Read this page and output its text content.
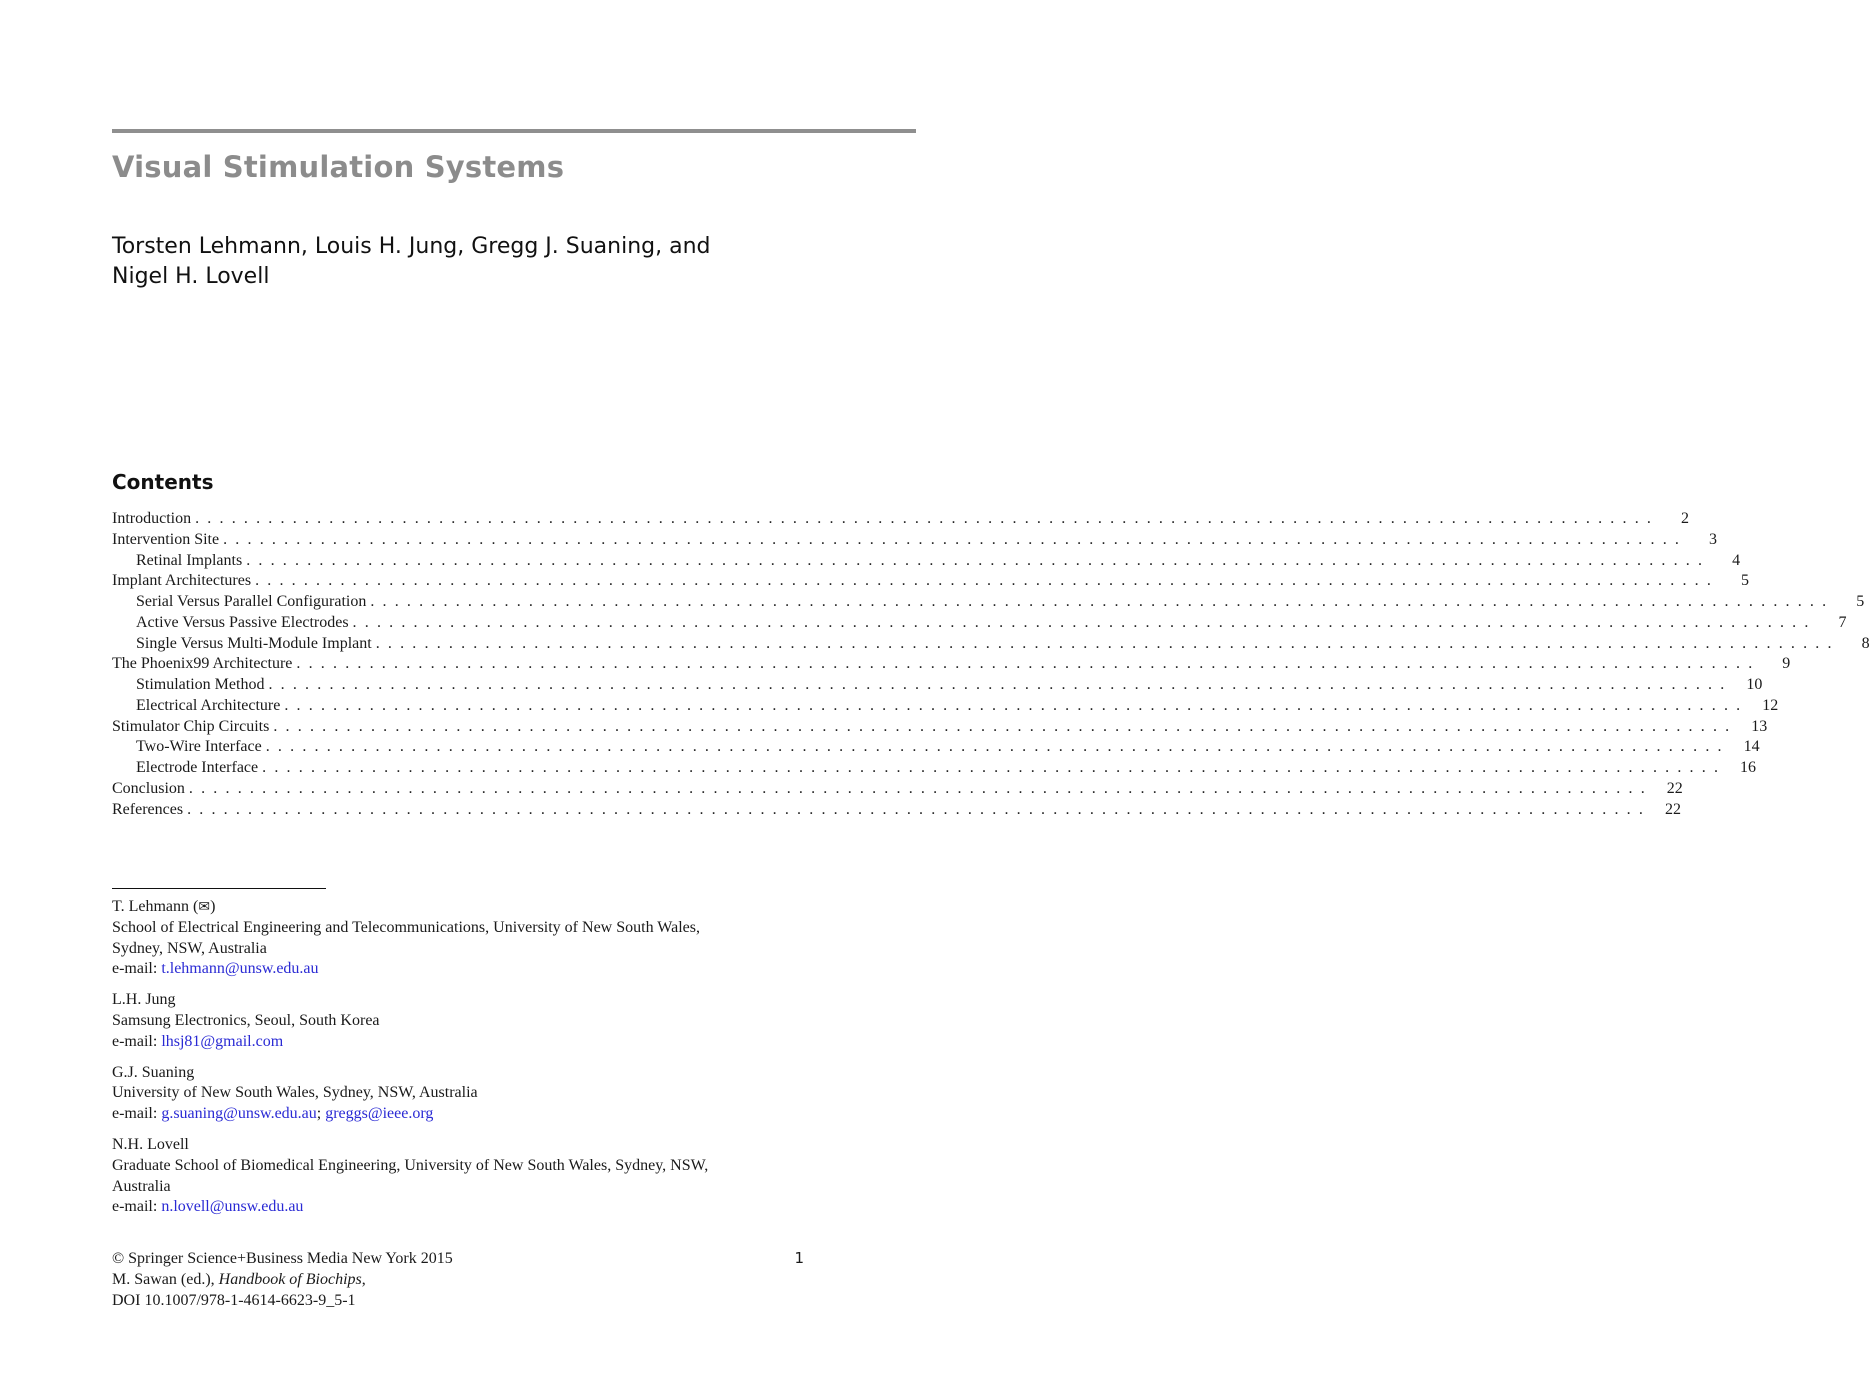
Visual Stimulation Systems
Torsten Lehmann, Louis H. Jung, Gregg J. Suaning, and
Nigel H. Lovell
Contents
Introduction . . . . . . . . . . . . . . . . . . . . . . . . . . . . . . . . . . . . . . . . . . . . . . . . . . . . . . . . . . . . . . . . . . . . . . . . . . . . . . . . . . . . . . . . . . . . . . . . . . . . . . . . . . . . . . . . . . . . . . . .	2
Intervention Site . . . . . . . . . . . . . . . . . . . . . . . . . . . . . . . . . . . . . . . . . . . . . . . . . . . . . . . . . . . . . . . . . . . . . . . . . . . . . . . . . . . . . . . . . . . . . . . . . . . . . . . . . . . . . . . . . . . . . . . .	3
Retinal Implants . . . . . . . . . . . . . . . . . . . . . . . . . . . . . . . . . . . . . . . . . . . . . . . . . . . . . . . . . . . . . . . . . . . . . . . . . . . . . . . . . . . . . . . . . . . . . . . . . . . . . . . . . . . . . . . . . . . . . . . .	4
Implant Architectures . . . . . . . . . . . . . . . . . . . . . . . . . . . . . . . . . . . . . . . . . . . . . . . . . . . . . . . . . . . . . . . . . . . . . . . . . . . . . . . . . . . . . . . . . . . . . . . . . . . . . . . . . . . . . . . . . . . . . . . .	5
Serial Versus Parallel Configuration . . . . . . . . . . . . . . . . . . . . . . . . . . . . . . . . . . . . . . . . . . . . . . . . . . . . . . . . . . . . . . . . . . . . . . . . . . . . . . . . . . . . . . . . . . . . . . . . . . . . . . . . . . . . . . . . . . . . . . . .	5
Active Versus Passive Electrodes . . . . . . . . . . . . . . . . . . . . . . . . . . . . . . . . . . . . . . . . . . . . . . . . . . . . . . . . . . . . . . . . . . . . . . . . . . . . . . . . . . . . . . . . . . . . . . . . . . . . . . . . . . . . . . . . . . . . . . . .	7
Single Versus Multi-Module Implant . . . . . . . . . . . . . . . . . . . . . . . . . . . . . . . . . . . . . . . . . . . . . . . . . . . . . . . . . . . . . . . . . . . . . . . . . . . . . . . . . . . . . . . . . . . . . . . . . . . . . . . . . . . . . . . . . . . . . . . .	8
The Phoenix99 Architecture . . . . . . . . . . . . . . . . . . . . . . . . . . . . . . . . . . . . . . . . . . . . . . . . . . . . . . . . . . . . . . . . . . . . . . . . . . . . . . . . . . . . . . . . . . . . . . . . . . . . . . . . . . . . . . . . . . . . . . . .	9
Stimulation Method . . . . . . . . . . . . . . . . . . . . . . . . . . . . . . . . . . . . . . . . . . . . . . . . . . . . . . . . . . . . . . . . . . . . . . . . . . . . . . . . . . . . . . . . . . . . . . . . . . . . . . . . . . . . . . . . . . . . . . . .	10
Electrical Architecture . . . . . . . . . . . . . . . . . . . . . . . . . . . . . . . . . . . . . . . . . . . . . . . . . . . . . . . . . . . . . . . . . . . . . . . . . . . . . . . . . . . . . . . . . . . . . . . . . . . . . . . . . . . . . . . . . . . . . . . .	12
Stimulator Chip Circuits . . . . . . . . . . . . . . . . . . . . . . . . . . . . . . . . . . . . . . . . . . . . . . . . . . . . . . . . . . . . . . . . . . . . . . . . . . . . . . . . . . . . . . . . . . . . . . . . . . . . . . . . . . . . . . . . . . . . . . . .	13
Two-Wire Interface . . . . . . . . . . . . . . . . . . . . . . . . . . . . . . . . . . . . . . . . . . . . . . . . . . . . . . . . . . . . . . . . . . . . . . . . . . . . . . . . . . . . . . . . . . . . . . . . . . . . . . . . . . . . . . . . . . . . . . . .	14
Electrode Interface . . . . . . . . . . . . . . . . . . . . . . . . . . . . . . . . . . . . . . . . . . . . . . . . . . . . . . . . . . . . . . . . . . . . . . . . . . . . . . . . . . . . . . . . . . . . . . . . . . . . . . . . . . . . . . . . . . . . . . . .	16
Conclusion . . . . . . . . . . . . . . . . . . . . . . . . . . . . . . . . . . . . . . . . . . . . . . . . . . . . . . . . . . . . . . . . . . . . . . . . . . . . . . . . . . . . . . . . . . . . . . . . . . . . . . . . . . . . . . . . . . . . . . . .	22
References . . . . . . . . . . . . . . . . . . . . . . . . . . . . . . . . . . . . . . . . . . . . . . . . . . . . . . . . . . . . . . . . . . . . . . . . . . . . . . . . . . . . . . . . . . . . . . . . . . . . . . . . . . . . . . . . . . . . . . . .	22
T. Lehmann (✉)
School of Electrical Engineering and Telecommunications, University of New South Wales,
Sydney, NSW, Australia
e-mail: t.lehmann@unsw.edu.au
L.H. Jung
Samsung Electronics, Seoul, South Korea
e-mail: lhsj81@gmail.com
G.J. Suaning
University of New South Wales, Sydney, NSW, Australia
e-mail: g.suaning@unsw.edu.au; greggs@ieee.org
N.H. Lovell
Graduate School of Biomedical Engineering, University of New South Wales, Sydney, NSW,
Australia
e-mail: n.lovell@unsw.edu.au
© Springer Science+Business Media New York 2015	1
M. Sawan (ed.), Handbook of Biochips,
DOI 10.1007/978-1-4614-6623-9_5-1
